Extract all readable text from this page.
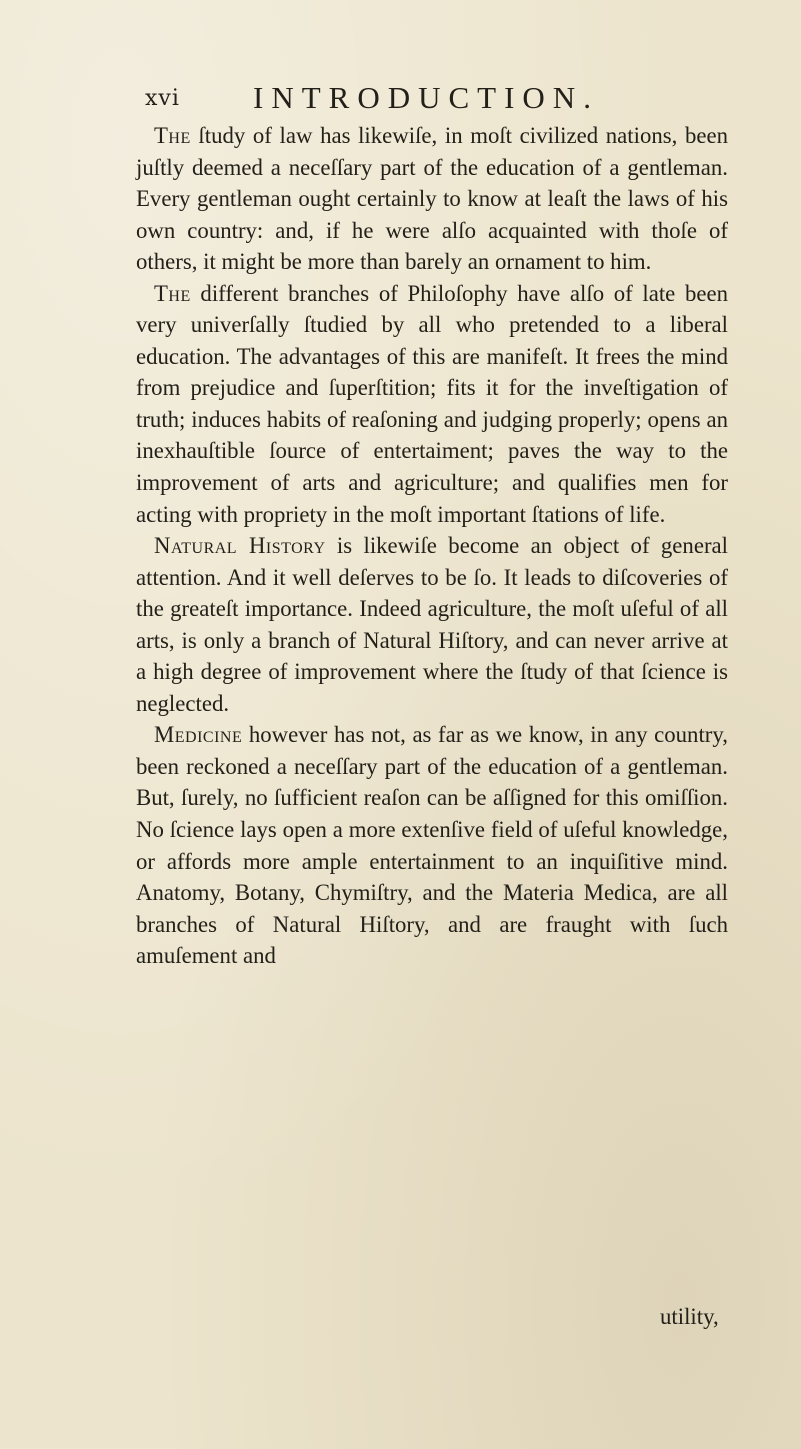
xvi INTRODUCTION.

The ſtudy of law has likewiſe, in moſt civilized nations, been juſtly deemed a neceſſary part of the education of a gentleman. Every gentleman ought certainly to know at leaſt the laws of his own country: and, if he were alſo acquainted with thoſe of others, it might be more than barely an ornament to him.

The different branches of Philoſophy have alſo of late been very univerſally ſtudied by all who pretended to a liberal education. The advantages of this are manifeſt. It frees the mind from prejudice and ſuperſtition; fits it for the inveſtigation of truth; induces habits of reaſoning and judging properly; opens an inexhauſtible ſource of entertaiment; paves the way to the improvement of arts and agriculture; and qualifies men for acting with propriety in the moſt important ſtations of life.

Natural History is likewiſe become an object of general attention. And it well deſerves to be ſo. It leads to diſcoveries of the greateſt importance. Indeed agriculture, the moſt uſeful of all arts, is only a branch of Natural Hiſtory, and can never arrive at a high degree of improvement where the ſtudy of that ſcience is neglected.

Medicine however has not, as far as we know, in any country, been reckoned a neceſſary part of the education of a gentleman. But, ſurely, no ſufficient reaſon can be aſſigned for this omiſſion. No ſcience lays open a more extenſive field of uſeful knowledge, or affords more ample entertainment to an inquiſitive mind. Anatomy, Botany, Chymiſtry, and the Materia Medica, are all branches of Natural Hiſtory, and are fraught with ſuch amuſement and

utility,
